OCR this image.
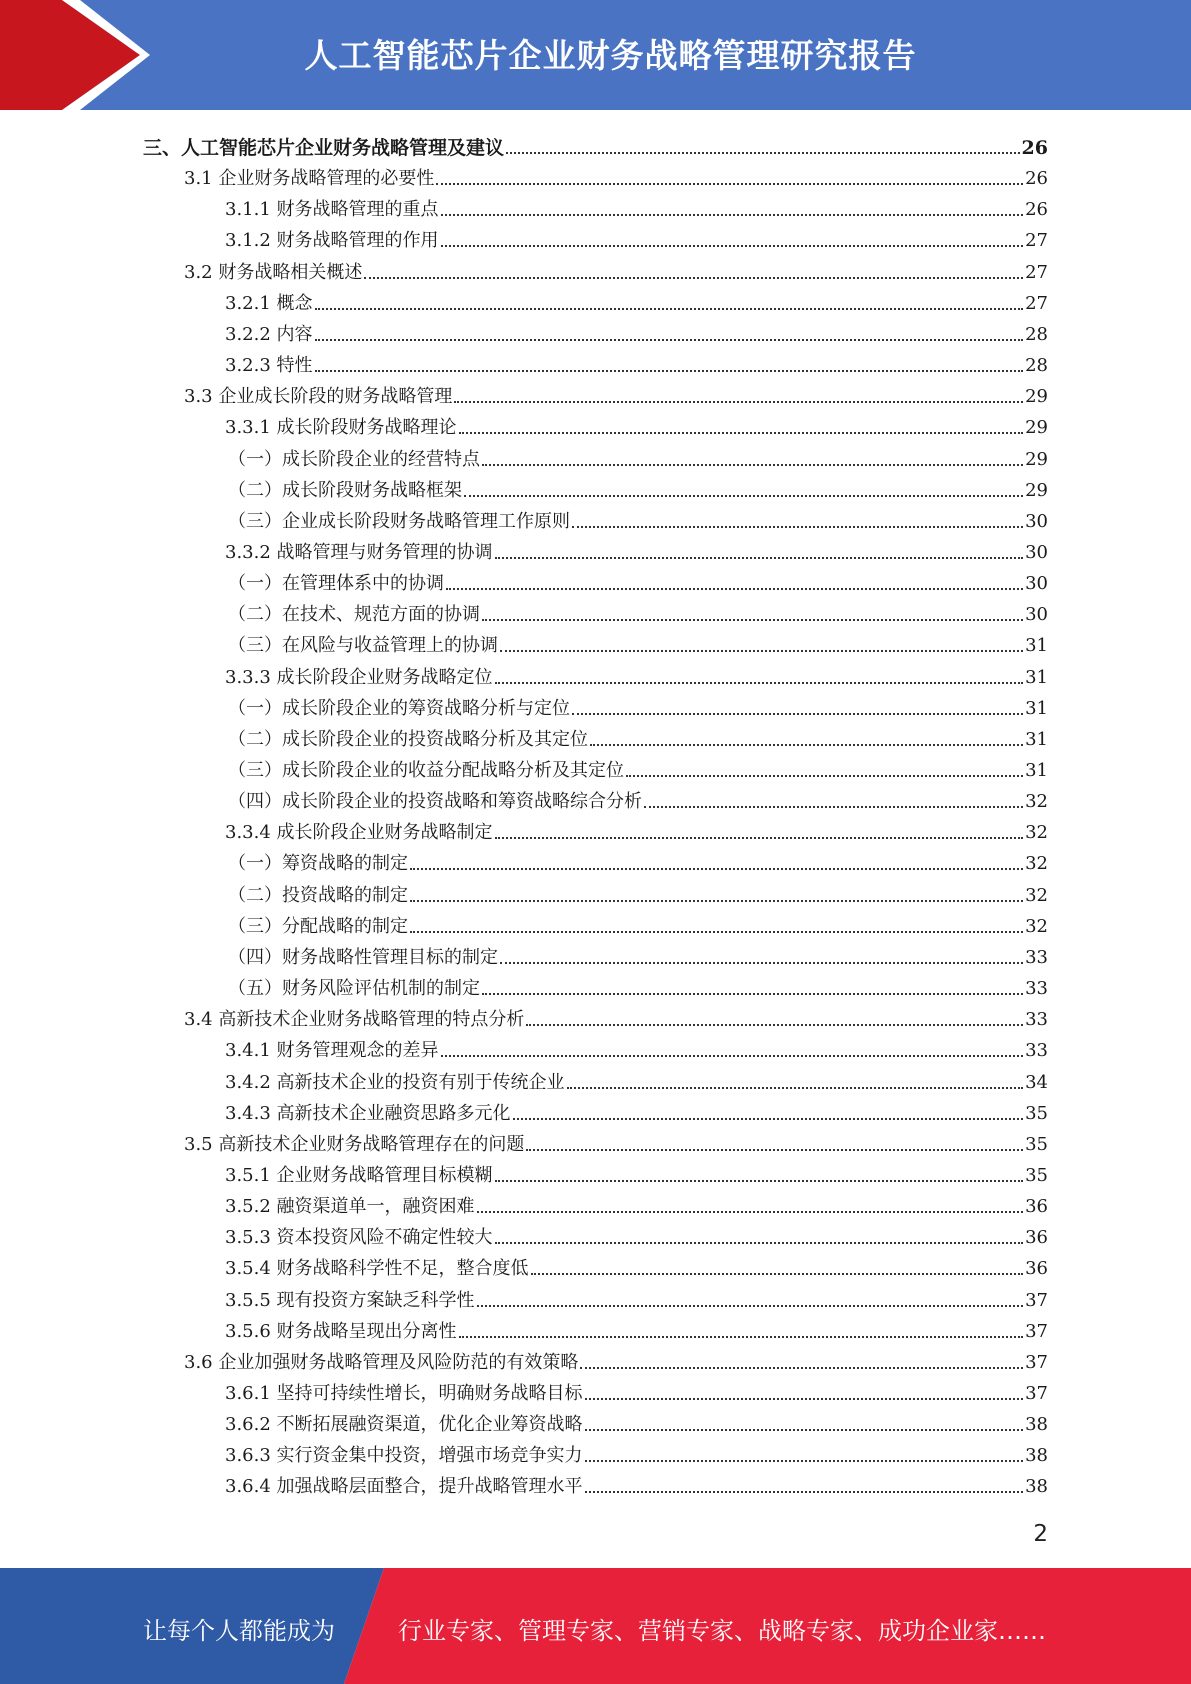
人工智能芯片企业财务战略管理研究报告
三、人工智能芯片企业财务战略管理及建议	26
3.1 企业财务战略管理的必要性	26
3.1.1 财务战略管理的重点	26
3.1.2 财务战略管理的作用	27
3.2 财务战略相关概述	27
3.2.1 概念	27
3.2.2 内容	28
3.2.3 特性	28
3.3 企业成长阶段的财务战略管理	29
3.3.1 成长阶段财务战略理论	29
（一）成长阶段企业的经营特点	29
（二）成长阶段财务战略框架	29
（三）企业成长阶段财务战略管理工作原则	30
3.3.2 战略管理与财务管理的协调	30
（一）在管理体系中的协调	30
（二）在技术、规范方面的协调	30
（三）在风险与收益管理上的协调	31
3.3.3 成长阶段企业财务战略定位	31
（一）成长阶段企业的筹资战略分析与定位	31
（二）成长阶段企业的投资战略分析及其定位	31
（三）成长阶段企业的收益分配战略分析及其定位	31
（四）成长阶段企业的投资战略和筹资战略综合分析	32
3.3.4 成长阶段企业财务战略制定	32
（一）筹资战略的制定	32
（二）投资战略的制定	32
（三）分配战略的制定	32
（四）财务战略性管理目标的制定	33
（五）财务风险评估机制的制定	33
3.4 高新技术企业财务战略管理的特点分析	33
3.4.1 财务管理观念的差异	33
3.4.2 高新技术企业的投资有别于传统企业	34
3.4.3 高新技术企业融资思路多元化	35
3.5 高新技术企业财务战略管理存在的问题	35
3.5.1 企业财务战略管理目标模糊	35
3.5.2 融资渠道单一，融资困难	36
3.5.3 资本投资风险不确定性较大	36
3.5.4 财务战略科学性不足，整合度低	36
3.5.5 现有投资方案缺乏科学性	37
3.5.6 财务战略呈现出分离性	37
3.6 企业加强财务战略管理及风险防范的有效策略	37
3.6.1 坚持可持续性增长，明确财务战略目标	37
3.6.2 不断拓展融资渠道，优化企业筹资战略	38
3.6.3 实行资金集中投资，增强市场竞争实力	38
3.6.4 加强战略层面整合，提升战略管理水平	38
2
让每个人都能成为	行业专家、管理专家、营销专家、战略专家、成功企业家……
